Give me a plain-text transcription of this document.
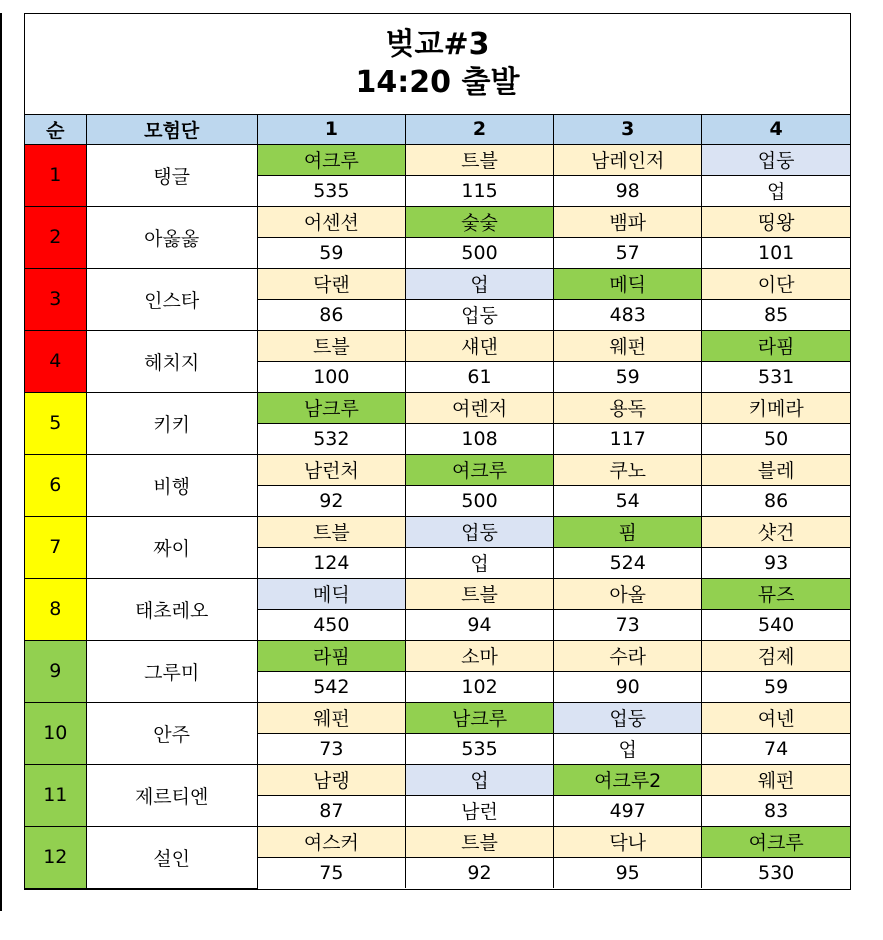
벚교#3
14:20 출발
순	모험단	1	2	3	4
1	탱글	여크루	트블	남레인저	업둥
		535	115	98	업
2	아옳옳	어센션	숯숯	뱀파	띵왕
		59	500	57	101
3	인스타	닥랜	업	메딕	이단
		86	업둥	483	85
4	헤치지	트블	섀댄	웨펀	라핌
		100	61	59	531
5	키키	남크루	여렌저	용독	키메라
		532	108	117	50
6	비행	남런처	여크루	쿠노	블레
		92	500	54	86
7	짜이	트블	업둥	핌	샷건
		124	업	524	93
8	태초레오	메딕	트블	아올	뮤즈
		450	94	73	540
9	그루미	라핌	소마	수라	검제
		542	102	90	59
10	안주	웨펀	남크루	업둥	여넨
		73	535	업	74
11	제르티엔	남랭	업	여크루2	웨펀
		87	남런	497	83
12	설인	여스커	트블	닥나	여크루
		75	92	95	530
